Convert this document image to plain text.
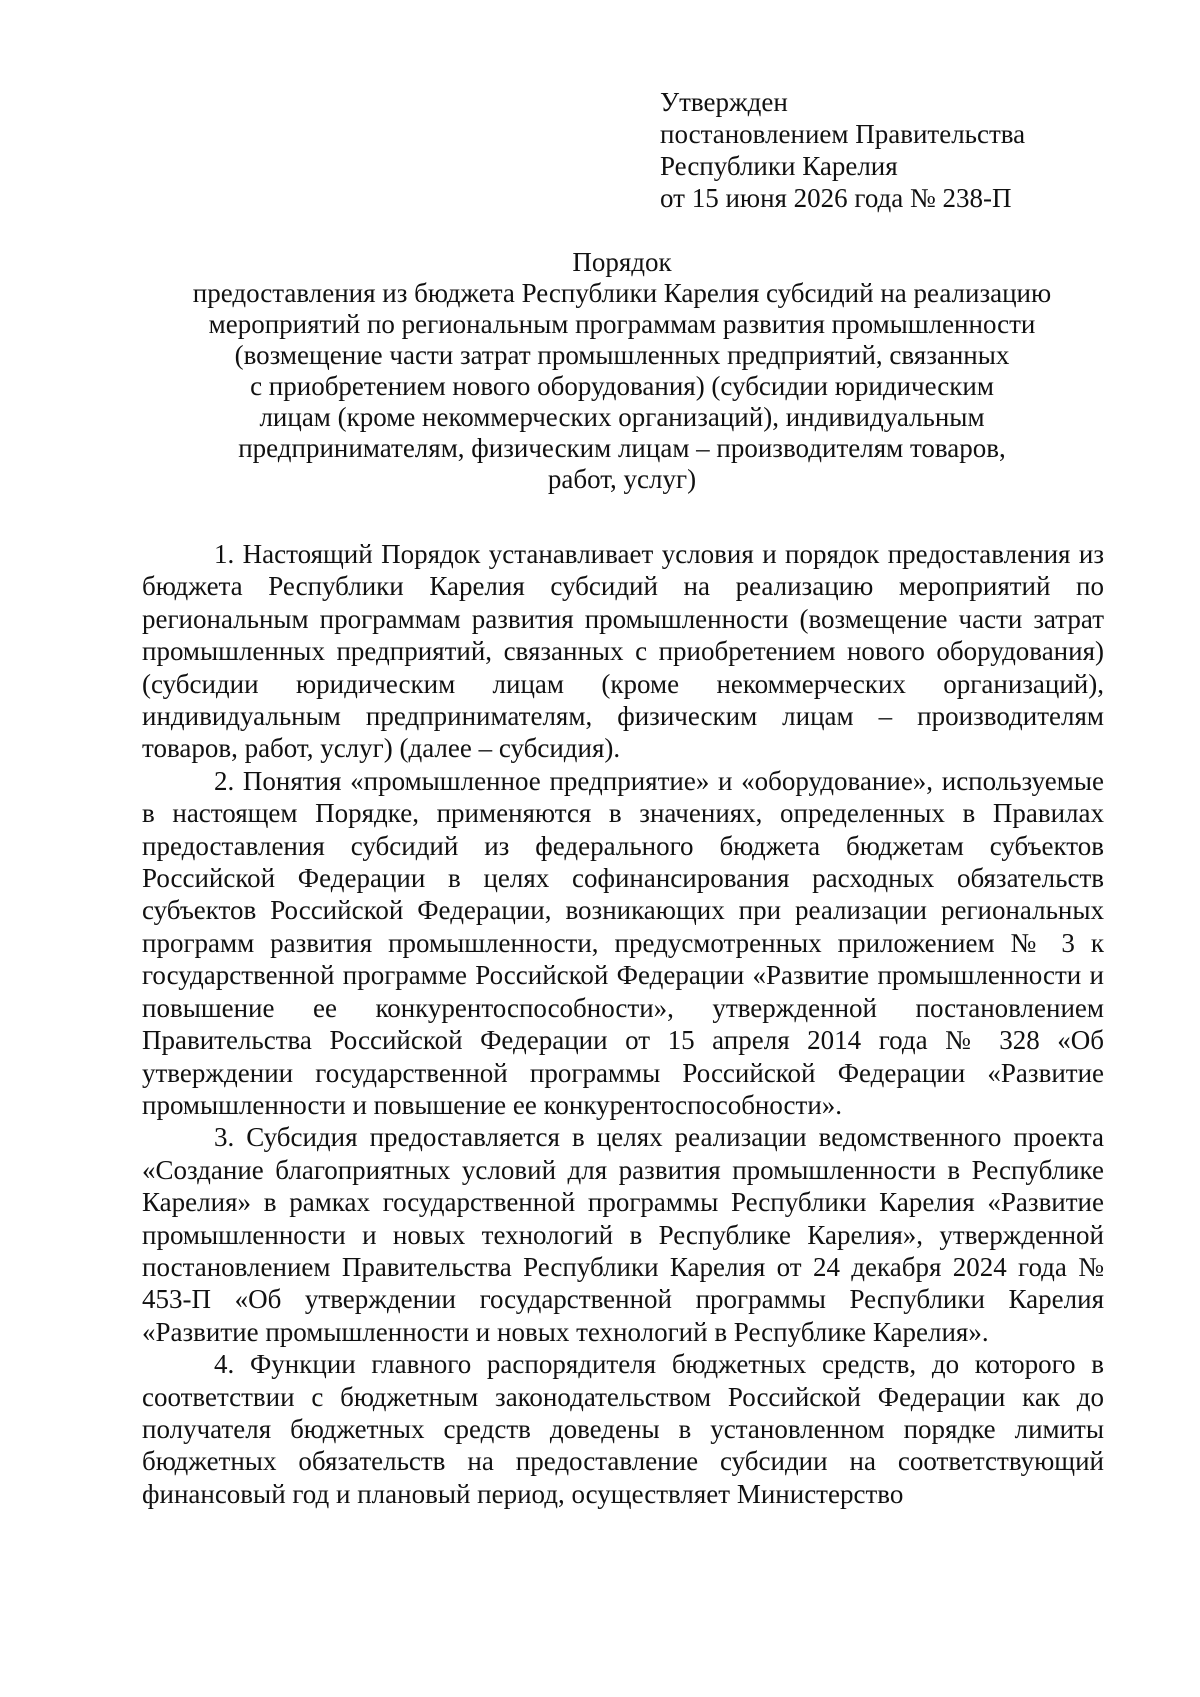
Утвержден
постановлением Правительства
Республики Карелия
от 15 июня 2026 года № 238-П
Порядок
предоставления из бюджета Республики Карелия субсидий на реализацию
мероприятий по региональным программам развития промышленности
(возмещение части затрат промышленных предприятий, связанных
с приобретением нового оборудования) (субсидии юридическим
лицам (кроме некоммерческих организаций), индивидуальным
предпринимателям, физическим лицам – производителям товаров,
работ, услуг)

1. Настоящий Порядок устанавливает условия и порядок предоставления из бюджета Республики Карелия субсидий на реализацию мероприятий по региональным программам развития промышленности (возмещение части затрат промышленных предприятий, связанных с приобретением нового оборудования) (субсидии юридическим лицам (кроме некоммерческих организаций), индивидуальным предпринимателям, физическим лицам – производителям товаров, работ, услуг) (далее – субсидия).

2. Понятия «промышленное предприятие» и «оборудование», используемые в настоящем Порядке, применяются в значениях, определенных в Правилах предоставления субсидий из федерального бюджета бюджетам субъектов Российской Федерации в целях софинансирования расходных обязательств субъектов Российской Федерации, возникающих при реализации региональных программ развития промышленности, предусмотренных приложением № 3 к государственной программе Российской Федерации «Развитие промышленности и повышение ее конкурентоспособности», утвержденной постановлением Правительства Российской Федерации от 15 апреля 2014 года № 328 «Об утверждении государственной программы Российской Федерации «Развитие промышленности и повышение ее конкурентоспособности».

3. Субсидия предоставляется в целях реализации ведомственного проекта «Создание благоприятных условий для развития промышленности в Республике Карелия» в рамках государственной программы Республики Карелия «Развитие промышленности и новых технологий в Республике Карелия», утвержденной постановлением Правительства Республики Карелия от 24 декабря 2024 года № 453-П «Об утверждении государственной программы Республики Карелия «Развитие промышленности и новых технологий в Республике Карелия».

4. Функции главного распорядителя бюджетных средств, до которого в соответствии с бюджетным законодательством Российской Федерации как до получателя бюджетных средств доведены в установленном порядке лимиты бюджетных обязательств на предоставление субсидии на соответствующий финансовый год и плановый период, осуществляет Министерство
